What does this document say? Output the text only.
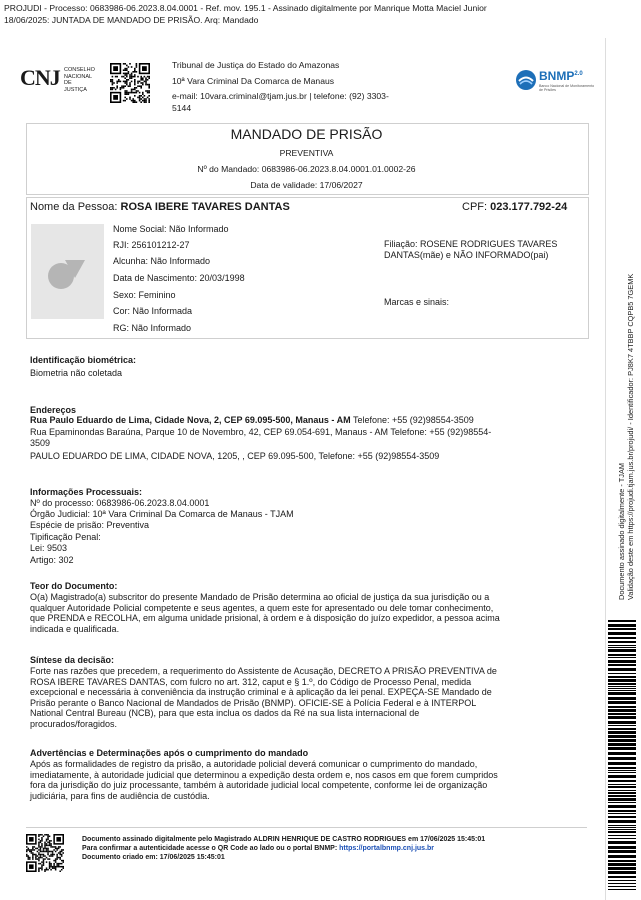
PROJUDI - Processo: 0683986-06.2023.8.04.0001 - Ref. mov. 195.1 - Assinado digitalmente por Manrique Motta Maciel Junior
18/06/2025: JUNTADA DE MANDADO DE PRISÃO. Arq: Mandado
CNJ CONSELHO
NACIONAL
DE JUSTIÇA
Tribunal de Justiça do Estado do Amazonas
10ª Vara Criminal Da Comarca de Manaus
e-mail: 10vara.criminal@tjam.jus.br | telefone: (92) 3303-
5144
$BNMP^{2.0}$
Banco Nacional de Monitoramento de Prisões
MANDADO DE PRISÃO
PREVENTIVA
Nº do Mandado: 0683986-06.2023.8.04.0001.01.0002-26
Data de validade: 17/06/2027
Nome da Pessoa: ROSA IBERE TAVARES DANTAS	CPF: 023.177.792-24
Nome Social: Não Informado
RJI: 256101212-27
Alcunha: Não Informado
Data de Nascimento: 20/03/1998
Sexo: Feminino
Cor: Não Informada
RG: Não Informado
Filiação: ROSENE RODRIGUES TAVARES
DANTAS(mãe) e NÃO INFORMADO(pai)
Marcas e sinais:
Identificação biométrica:
Biometria não coletada
Endereços
Rua Paulo Eduardo de Lima, Cidade Nova, 2, CEP 69.095-500, Manaus - AM Telefone: +55 (92)98554-3509
Rua Epaminondas Baraúna, Parque 10 de Novembro, 42, CEP 69.054-691, Manaus - AM Telefone: +55 (92)98554-
3509
PAULO EDUARDO DE LIMA, CIDADE NOVA, 1205, , CEP 69.095-500, Telefone: +55 (92)98554-3509
Informações Processuais:
Nº do processo: 0683986-06.2023.8.04.0001
Órgão Judicial: 10ª Vara Criminal Da Comarca de Manaus - TJAM
Espécie de prisão: Preventiva
Tipificação Penal:
Lei: 9503
Artigo: 302
Teor do Documento:
O(a) Magistrado(a) subscritor do presente Mandado de Prisão determina ao oficial de justiça da sua jurisdição ou a
qualquer Autoridade Policial competente e seus agentes, a quem este for apresentado ou dele tomar conhecimento,
que PRENDA e RECOLHA, em alguma unidade prisional, à ordem e à disposição do juízo expedidor, a pessoa acima
indicada e qualificada.
Síntese da decisão:
Forte nas razões que precedem, a requerimento do Assistente de Acusação, DECRETO A PRISÃO PREVENTIVA de
ROSA IBERE TAVARES DANTAS, com fulcro no art. 312, caput e § 1.º, do Código de Processo Penal, medida
excepcional e necessária à conveniência da instrução criminal e à aplicação da lei penal. EXPEÇA-SE Mandado de
Prisão perante o Banco Nacional de Mandados de Prisão (BNMP). OFICIE-SE à Polícia Federal e à INTERPOL
National Central Bureau (NCB), para que esta inclua os dados da Ré na sua lista internacional de
procurados/foragidos.
Advertências e Determinações após o cumprimento do mandado
Após as formalidades de registro da prisão, a autoridade policial deverá comunicar o cumprimento do mandado,
imediatamente, à autoridade judicial que determinou a expedição desta ordem e, nos casos em que forem cumpridos
fora da jurisdição do juiz processante, também à autoridade judicial local competente, conforme lei de organização
judiciária, para fins de audiência de custódia.
Documento assinado digitalmente pelo Magistrado ALDRIN HENRIQUE DE CASTRO RODRIGUES em 17/06/2025 15:45:01
Para confirmar a autenticidade acesse o QR Code ao lado ou o portal BNMP: https://portalbnmp.cnj.jus.br
Documento criado em: 17/06/2025 15:45:01
Documento assinado digitalmente - TJAM Validação deste em https://projudi.tjam.jus.br/projudi/ - Identificador: PJ8K7 4TBBP CQPB5 7GEMK
